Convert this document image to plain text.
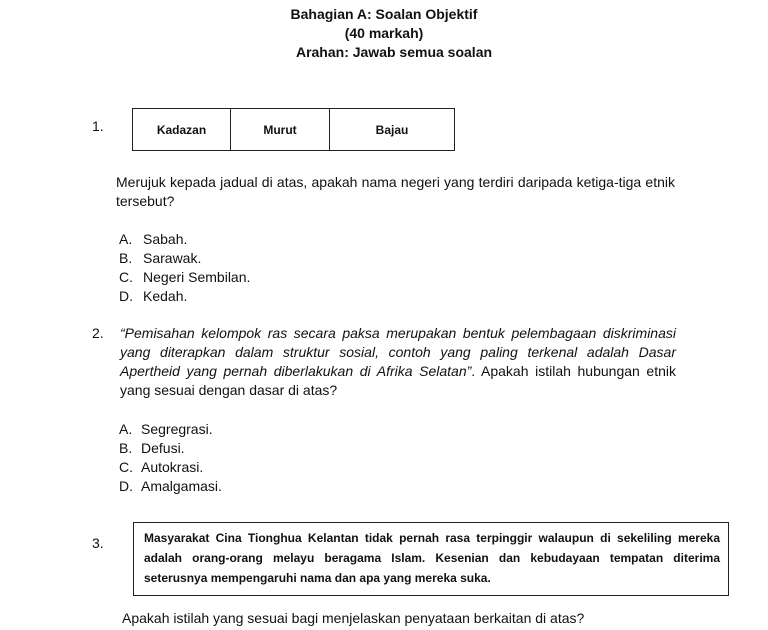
Bahagian A: Soalan Objektif
(40 markah)
Arahan: Jawab semua soalan
1.	Kadazan	Murut	Bajau
Merujuk kepada jadual di atas, apakah nama negeri yang terdiri daripada ketiga-tiga etnik tersebut?
A. Sabah.
B. Sarawak.
C. Negeri Sembilan.
D. Kedah.
2. “Pemisahan kelompok ras secara paksa merupakan bentuk pelembagaan diskriminasi yang diterapkan dalam struktur sosial, contoh yang paling terkenal adalah Dasar Apertheid yang pernah diberlakukan di Afrika Selatan”. Apakah istilah hubungan etnik yang sesuai dengan dasar di atas?
A. Segregrasi.
B. Defusi.
C. Autokrasi.
D. Amalgamasi.
3.	Masyarakat Cina Tionghua Kelantan tidak pernah rasa terpinggir walaupun di sekeliling mereka adalah orang-orang melayu beragama Islam. Kesenian dan kebudayaan tempatan diterima seterusnya mempengaruhi nama dan apa yang mereka suka.
Apakah istilah yang sesuai bagi menjelaskan penyataan berkaitan di atas?
